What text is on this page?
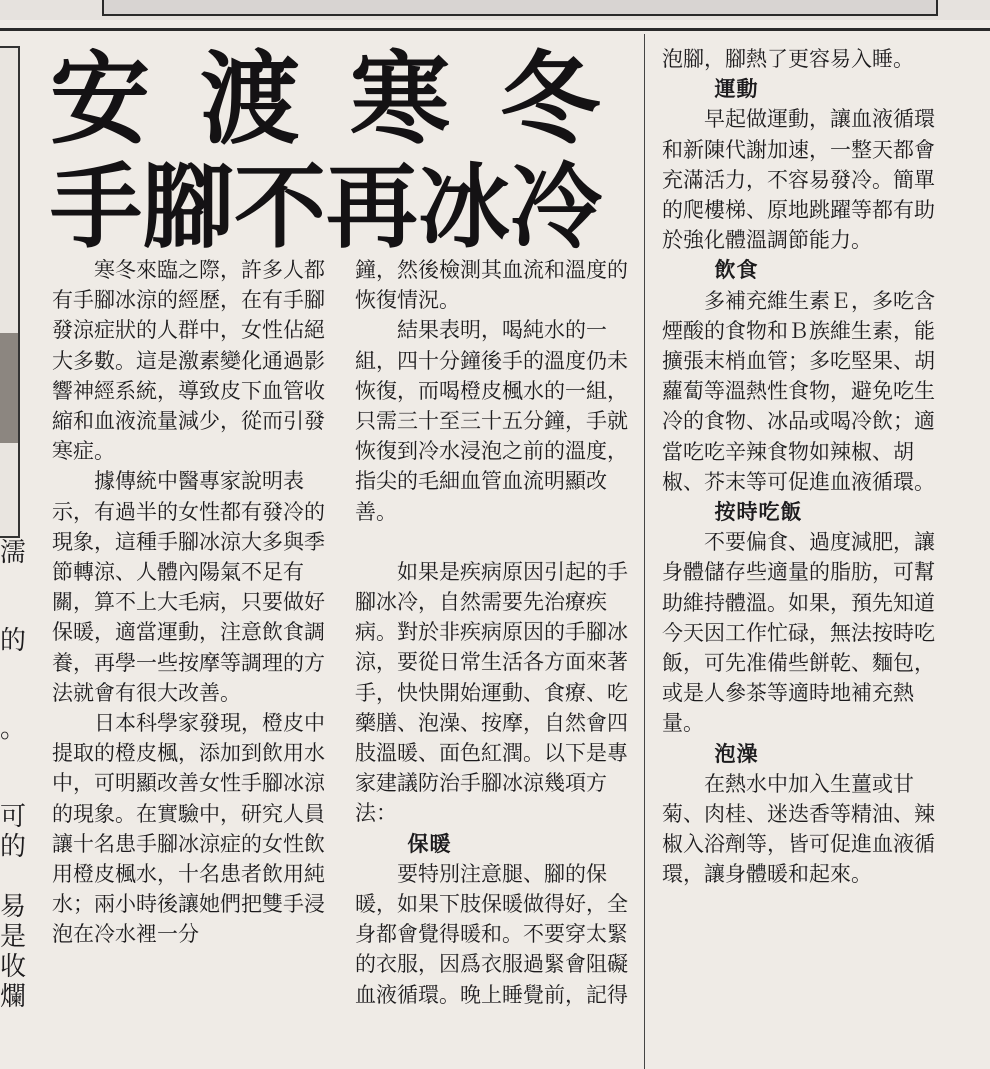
濡
的
。
可
的
易
是
收
爛
安渡寒冬
手腳不再冰冷

寒冬來臨之際，許多人都有手腳冰涼的經歷，在有手腳發涼症狀的人群中，女性佔絕大多數。這是激素變化通過影響神經系統，導致皮下血管收縮和血液流量減少，從而引發寒症。

據傳統中醫專家說明表示，有過半的女性都有發冷的現象，這種手腳冰涼大多與季節轉涼、人體內陽氣不足有關，算不上大毛病，只要做好保暖，適當運動，注意飲食調養，再學一些按摩等調理的方法就會有很大改善。

日本科學家發現，橙皮中提取的橙皮楓，添加到飲用水中，可明顯改善女性手腳冰涼的現象。在實驗中，研究人員讓十名患手腳冰涼症的女性飲用橙皮楓水，十名患者飲用純水；兩小時後讓她們把雙手浸泡在冷水裡一分

鐘，然後檢測其血流和溫度的恢復情況。

結果表明，喝純水的一組，四十分鐘後手的溫度仍未恢復，而喝橙皮楓水的一組，只需三十至三十五分鐘，手就恢復到冷水浸泡之前的溫度，指尖的毛細血管血流明顯改善。

如果是疾病原因引起的手腳冰冷，自然需要先治療疾病。對於非疾病原因的手腳冰涼，要從日常生活各方面來著手，快快開始運動、食療、吃藥膳、泡澡、按摩，自然會四肢溫暖、面色紅潤。以下是專家建議防治手腳冰涼幾項方法：

保暖

要特別注意腿、腳的保暖，如果下肢保暖做得好，全身都會覺得暖和。不要穿太緊的衣服，因爲衣服過緊會阻礙血液循環。晚上睡覺前，記得

泡腳，腳熱了更容易入睡。

運動

早起做運動，讓血液循環和新陳代謝加速，一整天都會充滿活力，不容易發冷。簡單的爬樓梯、原地跳躍等都有助於強化體溫調節能力。

飲食

多補充維生素Ｅ，多吃含煙酸的食物和Ｂ族維生素，能擴張末梢血管；多吃堅果、胡蘿蔔等溫熱性食物，避免吃生冷的食物、冰品或喝冷飲；適當吃吃辛辣食物如辣椒、胡椒、芥末等可促進血液循環。

按時吃飯

不要偏食、過度減肥，讓身體儲存些適量的脂肪，可幫助維持體溫。如果，預先知道今天因工作忙碌，無法按時吃飯，可先准備些餅乾、麵包，或是人參茶等適時地補充熱量。

泡澡

在熱水中加入生薑或甘菊、肉桂、迷迭香等精油、辣椒入浴劑等，皆可促進血液循環，讓身體暖和起來。
